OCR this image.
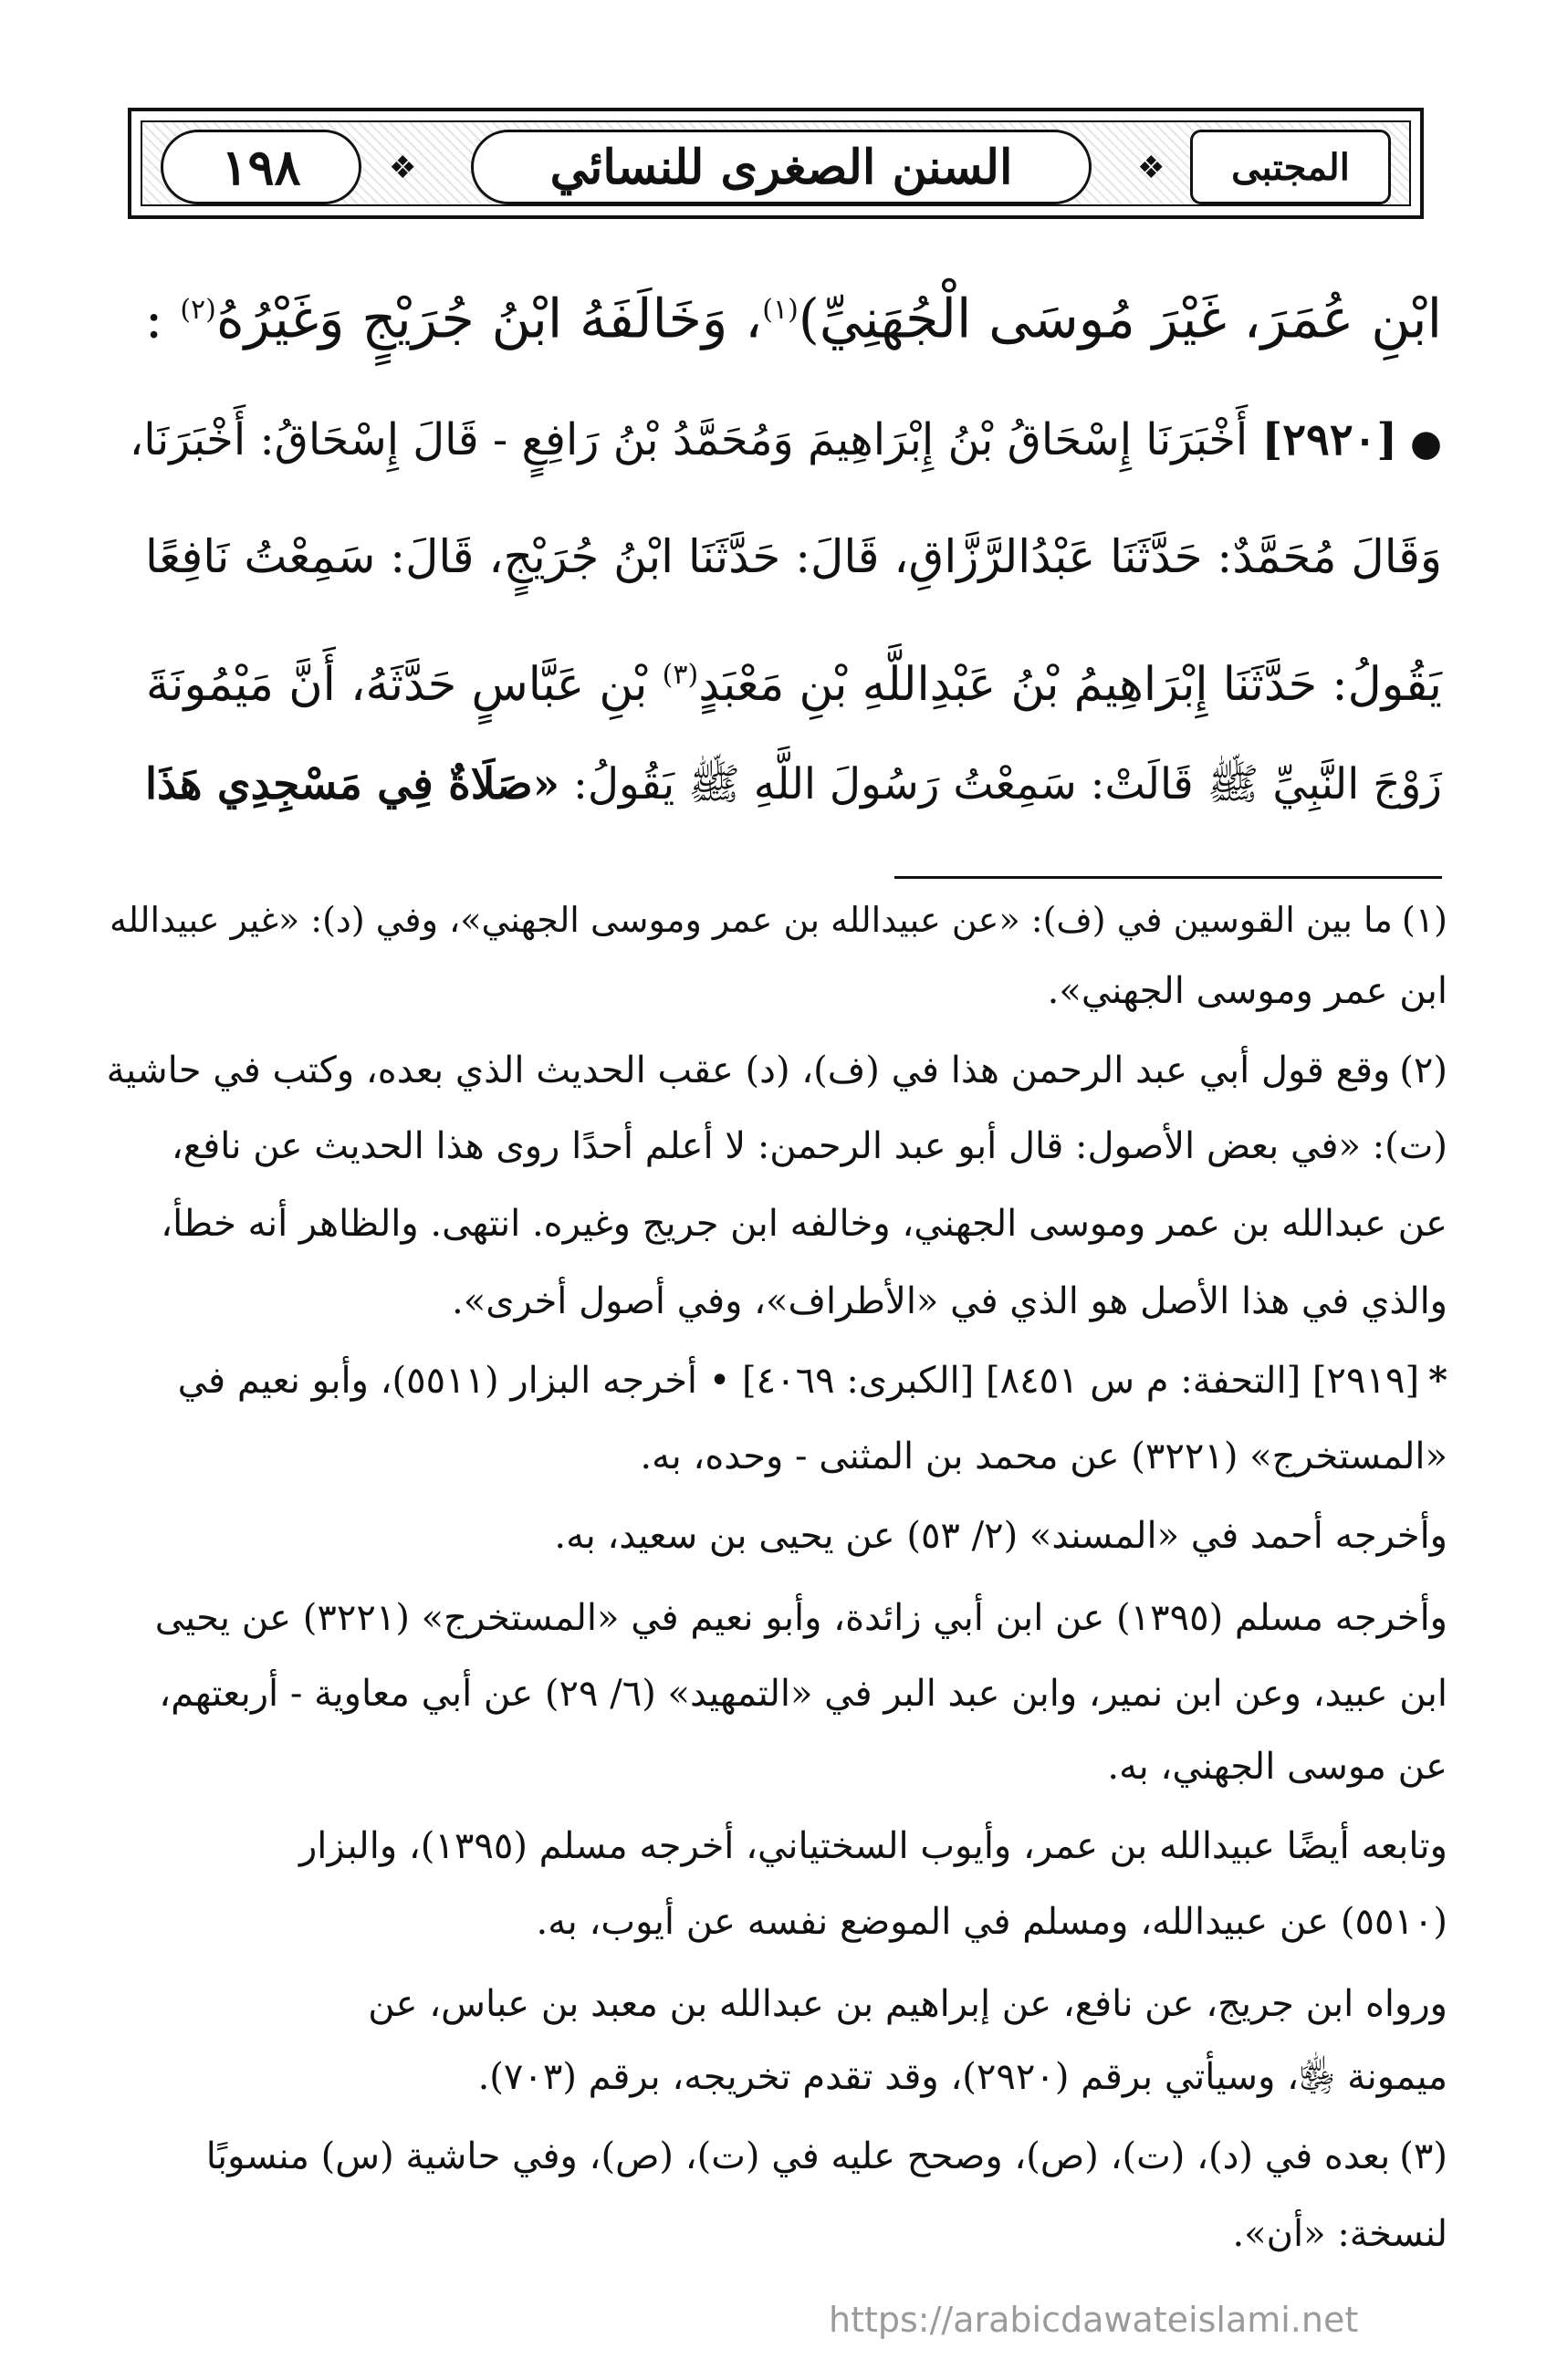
١٩٨	❖	السنن الصغرى للنسائي	❖	المجتبى
ابْنِ عُمَرَ، غَيْرَ مُوسَى الْجُهَنِيِّ)$^{(١)}$، وَخَالَفَهُ ابْنُ جُرَيْجٍ وَغَيْرُهُ$^{(٢)}$ :
●[٢٩٢٠] أَخْبَرَنَا إِسْحَاقُ بْنُ إِبْرَاهِيمَ وَمُحَمَّدُ بْنُ رَافِعٍ - قَالَ إِسْحَاقُ: أَخْبَرَنَا،
وَقَالَ مُحَمَّدٌ: حَدَّثَنَا عَبْدُالرَّزَّاقِ، قَالَ: حَدَّثَنَا ابْنُ جُرَيْجٍ، قَالَ: سَمِعْتُ نَافِعًا
يَقُولُ: حَدَّثَنَا إِبْرَاهِيمُ بْنُ عَبْدِاللَّهِ بْنِ مَعْبَدٍ$^{(٣)}$ بْنِ عَبَّاسٍ حَدَّثَهُ، أَنَّ مَيْمُونَةَ
زَوْجَ النَّبِيِّ ﷺ قَالَتْ: سَمِعْتُ رَسُولَ اللَّهِ ﷺ يَقُولُ: «صَلَاةٌ فِي مَسْجِدِي هَذَا
(١)ما بين القوسين في (ف): «عن عبيدالله بن عمر وموسى الجهني»، وفي (د): «غير عبيدالله
ابن عمر وموسى الجهني».
(٢)وقع قول أبي عبد الرحمن هذا في (ف)، (د) عقب الحديث الذي بعده، وكتب في حاشية
(ت): «في بعض الأصول: قال أبو عبد الرحمن: لا أعلم أحدًا روى هذا الحديث عن نافع،
عن عبدالله بن عمر وموسى الجهني، وخالفه ابن جريج وغيره. انتهى. والظاهر أنه خطأ،
والذي في هذا الأصل هو الذي في «الأطراف»، وفي أصول أخرى».
*[٢٩١٩] [التحفة: م س ٨٤٥١] [الكبرى: ٤٠٦٩] • أخرجه البزار (٥٥١١)، وأبو نعيم في
«المستخرج» (٣٢٢١) عن محمد بن المثنى - وحده، به.
وأخرجه أحمد في «المسند» (٢/ ٥٣) عن يحيى بن سعيد، به.
وأخرجه مسلم (١٣٩٥) عن ابن أبي زائدة، وأبو نعيم في «المستخرج» (٣٢٢١) عن يحيى
ابن عبيد، وعن ابن نمير، وابن عبد البر في «التمهيد» (٦/ ٢٩) عن أبي معاوية - أربعتهم،
عن موسى الجهني، به.
وتابعه أيضًا عبيدالله بن عمر، وأيوب السختياني، أخرجه مسلم (١٣٩٥)، والبزار
(٥٥١٠) عن عبيدالله، ومسلم في الموضع نفسه عن أيوب، به.
ورواه ابن جريج، عن نافع، عن إبراهيم بن عبدالله بن معبد بن عباس، عن
ميمونة ﵂، وسيأتي برقم (٢٩٢٠)، وقد تقدم تخريجه، برقم (٧٠٣).
(٣)بعده في (د)، (ت)، (ص)، وصحح عليه في (ت)، (ص)، وفي حاشية (س) منسوبًا
لنسخة: «أن».
https://arabicdawateislami.net
